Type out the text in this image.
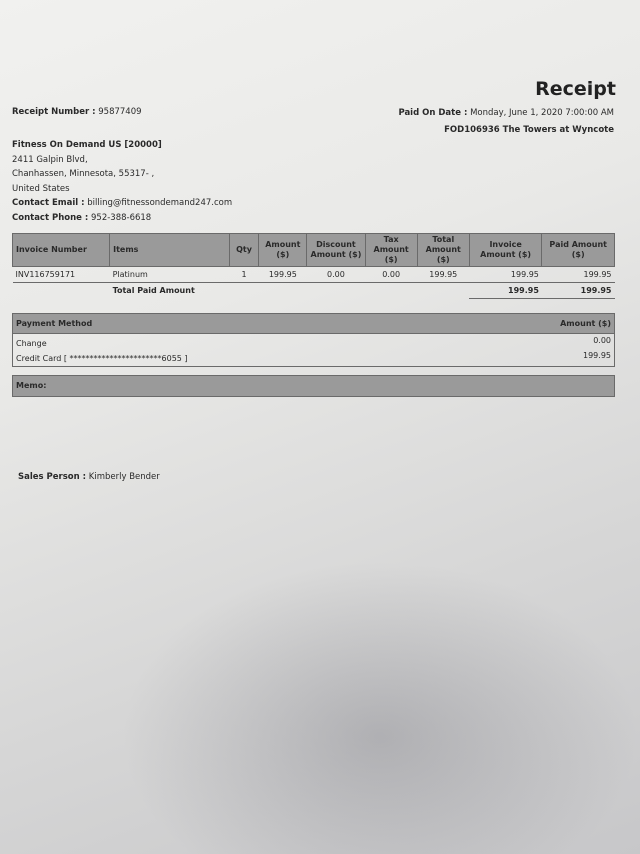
Receipt
Receipt Number : 95877409	Paid On Date : Monday, June 1, 2020 7:00:00 AM
FOD106936 The Towers at Wyncote
Fitness On Demand US [20000]
2411 Galpin Blvd,
Chanhassen, Minnesota, 55317- ,
United States
Contact Email : billing@fitnessondemand247.com
Contact Phone : 952-388-6618
Invoice Number	Items	Qty	Amount ($)	Discount Amount ($)	Tax Amount ($)	Total Amount ($)	Invoice Amount ($)	Paid Amount ($)
INV116759171	Platinum	1	199.95	0.00	0.00	199.95	199.95	199.95
	Total Paid Amount						199.95	199.95
Payment Method	Amount ($)
Change	0.00
Credit Card [ ***********************6055 ]	199.95
Memo:
Sales Person : Kimberly Bender
